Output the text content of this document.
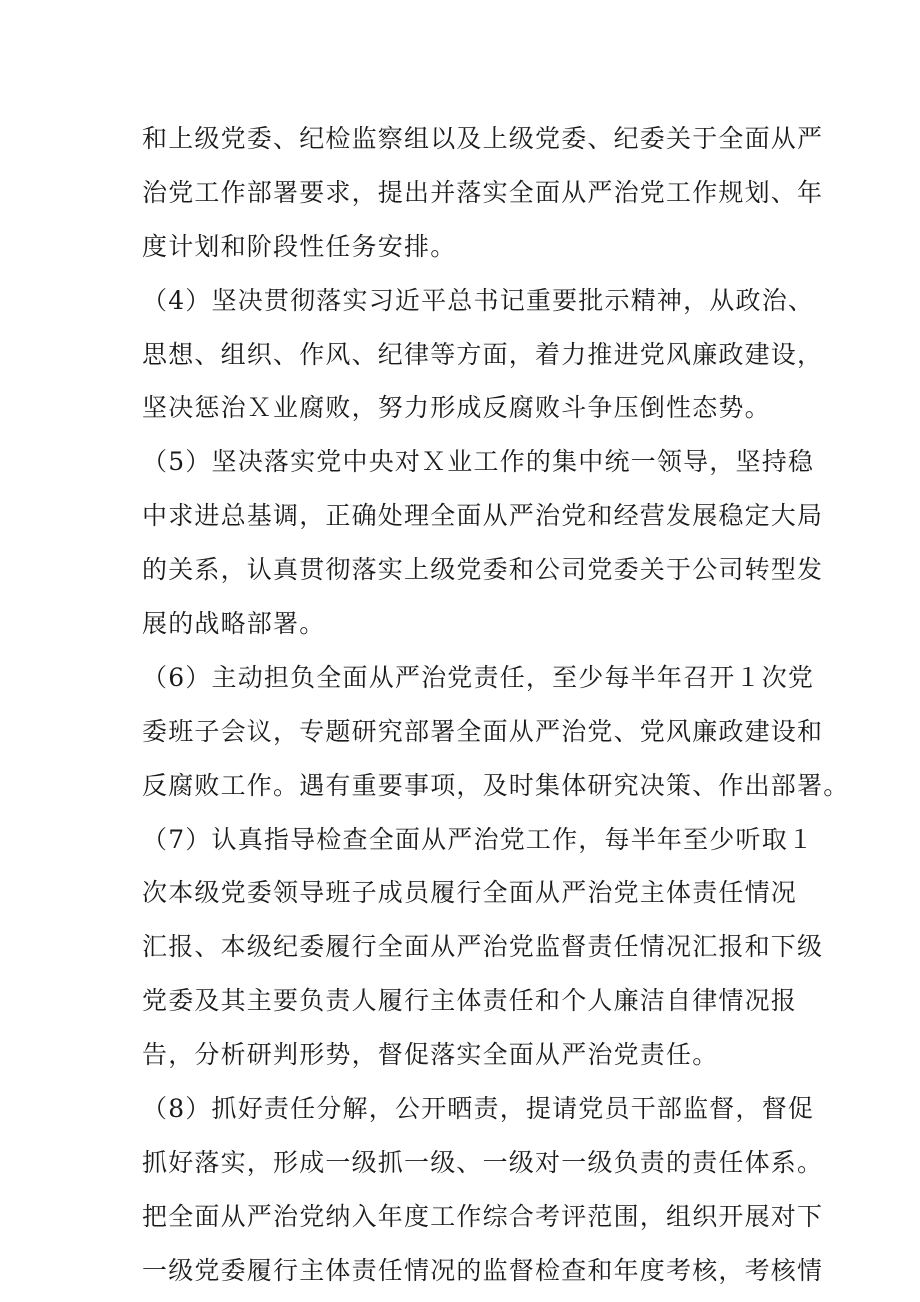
和上级党委、纪检监察组以及上级党委、纪委关于全面从严
治党工作部署要求，提出并落实全面从严治党工作规划、年
度计划和阶段性任务安排。
（4）坚决贯彻落实习近平总书记重要批示精神，从政治、
思想、组织、作风、纪律等方面，着力推进党风廉政建设，
坚决惩治Ｘ业腐败，努力形成反腐败斗争压倒性态势。
（5）坚决落实党中央对Ｘ业工作的集中统一领导，坚持稳
中求进总基调，正确处理全面从严治党和经营发展稳定大局
的关系，认真贯彻落实上级党委和公司党委关于公司转型发
展的战略部署。
（6）主动担负全面从严治党责任，至少每半年召开１次党
委班子会议，专题研究部署全面从严治党、党风廉政建设和
反腐败工作。遇有重要事项，及时集体研究决策、作出部署。
（7）认真指导检查全面从严治党工作，每半年至少听取１
次本级党委领导班子成员履行全面从严治党主体责任情况
汇报、本级纪委履行全面从严治党监督责任情况汇报和下级
党委及其主要负责人履行主体责任和个人廉洁自律情况报
告，分析研判形势，督促落实全面从严治党责任。
（8）抓好责任分解，公开晒责，提请党员干部监督，督促
抓好落实，形成一级抓一级、一级对一级负责的责任体系。
把全面从严治党纳入年度工作综合考评范围，组织开展对下
一级党委履行主体责任情况的监督检查和年度考核，考核情
